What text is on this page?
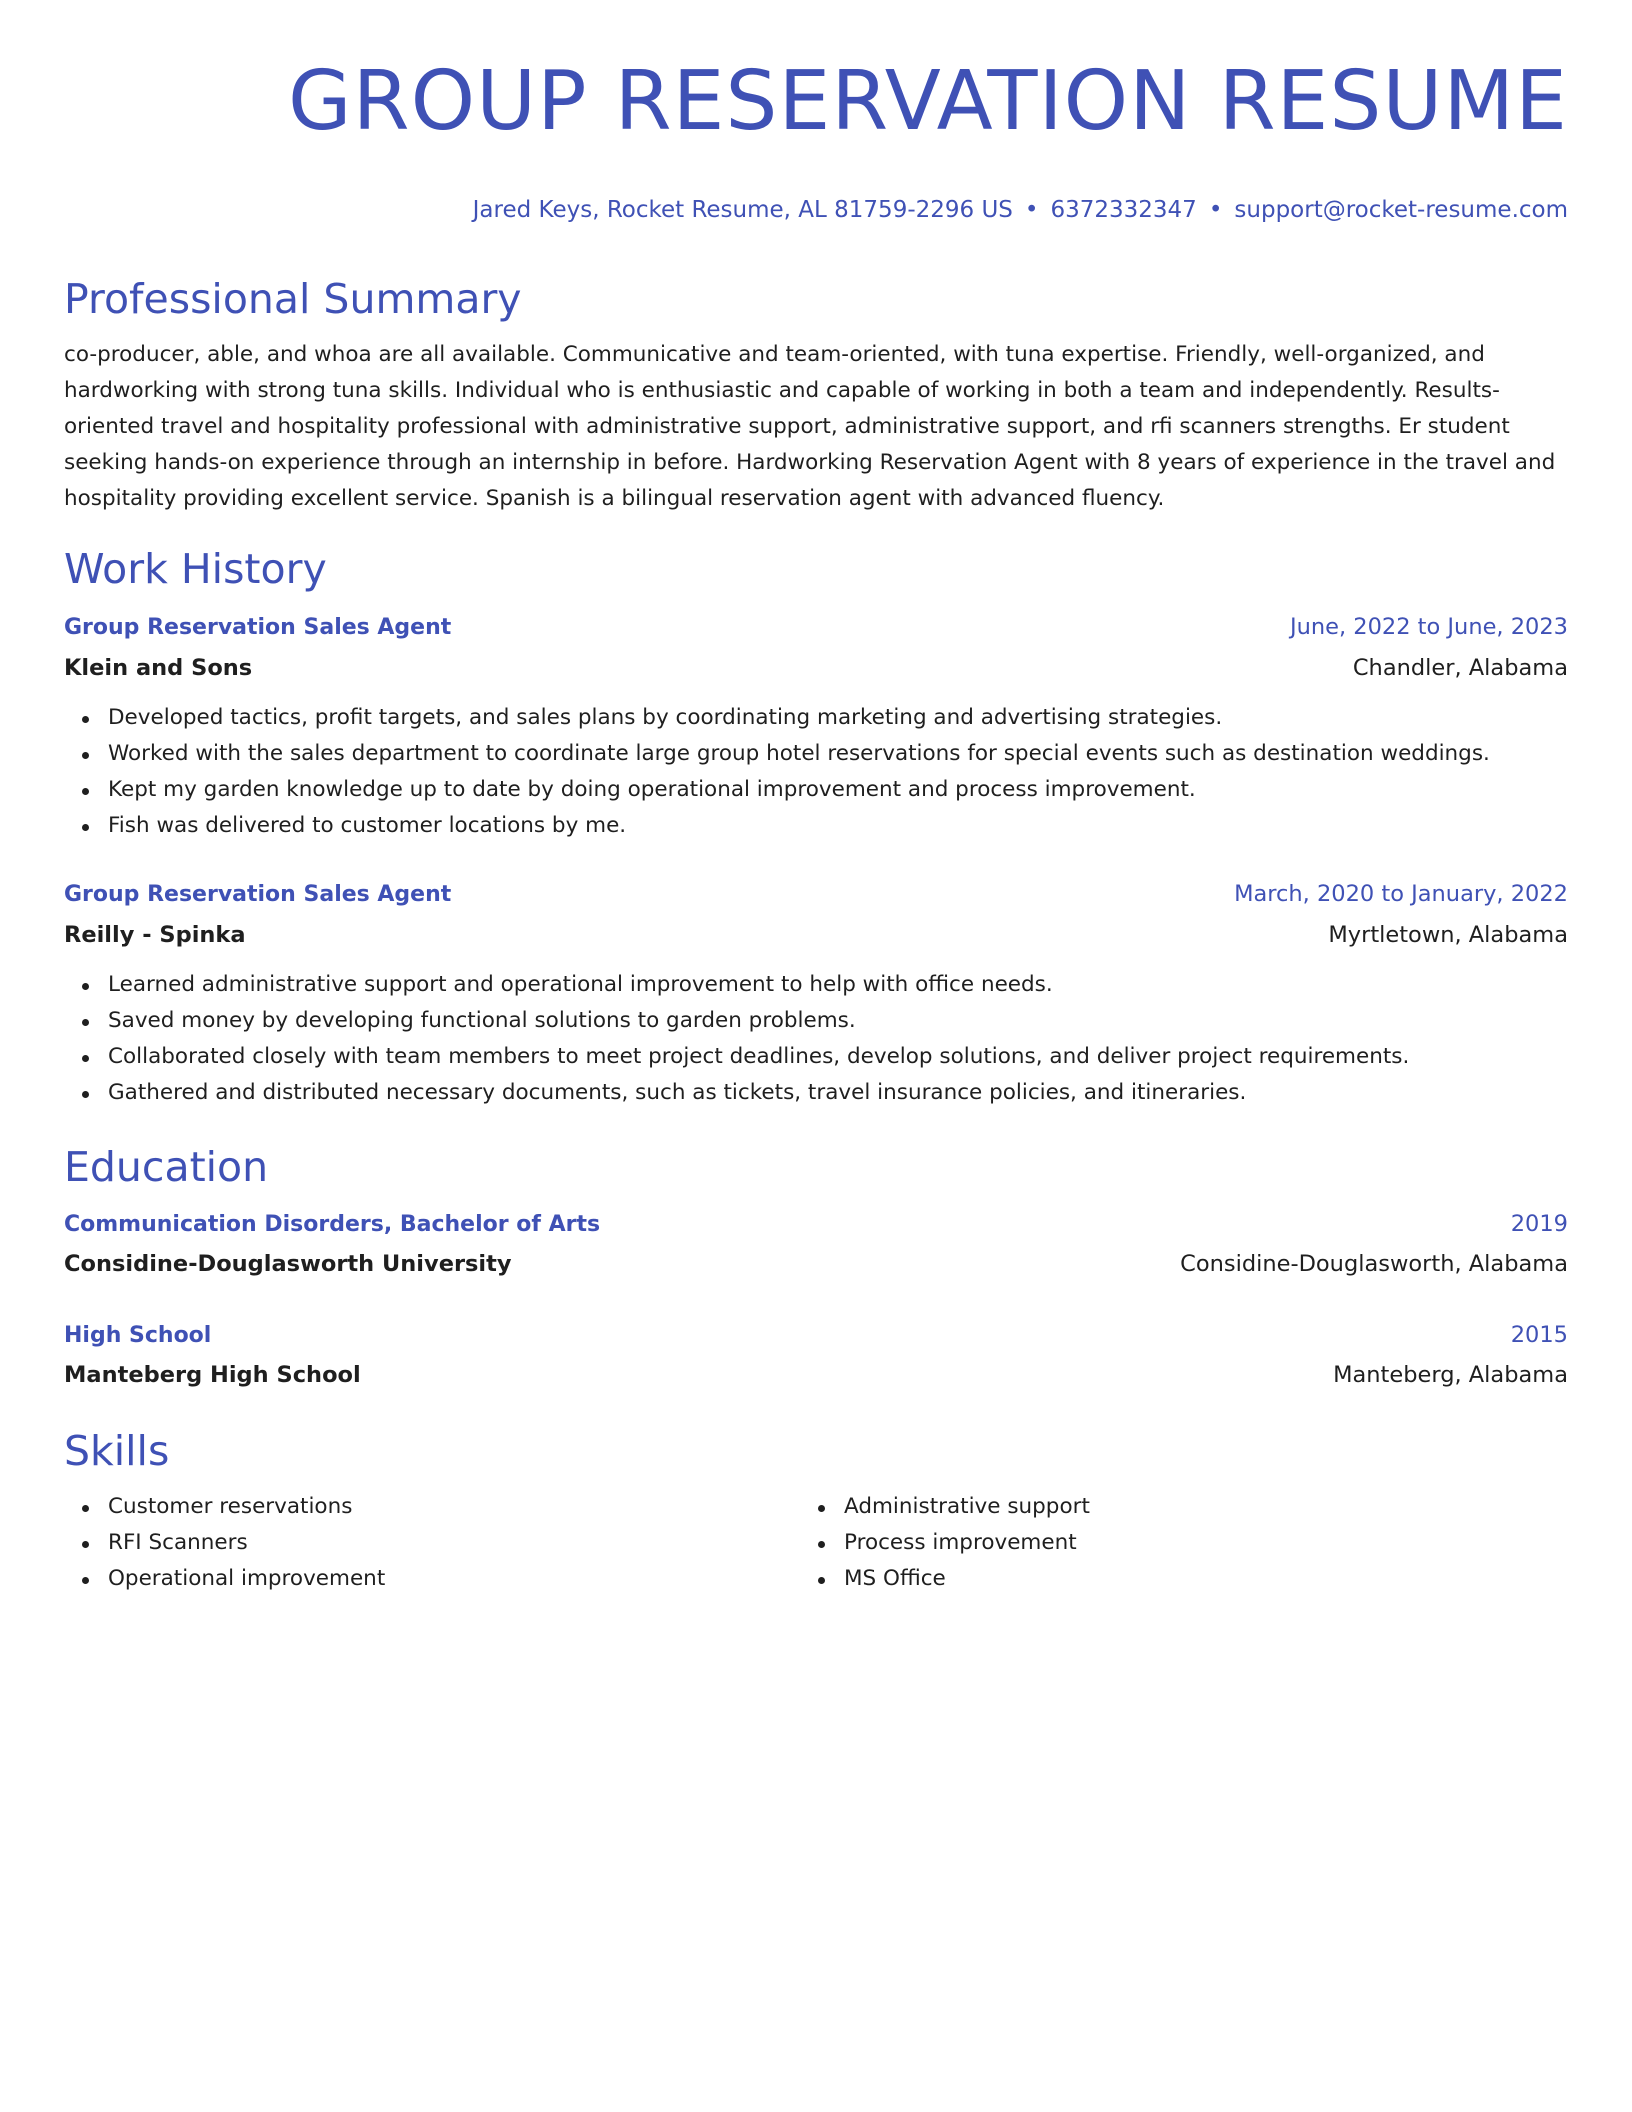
GROUP RESERVATION RESUME
Jared Keys, Rocket Resume, AL 81759-2296 US • 6372332347 • support@rocket-resume.com
Professional Summary

co-producer, able, and whoa are all available. Communicative and team-oriented, with tuna expertise. Friendly, well-organized, and hardworking with strong tuna skills. Individual who is enthusiastic and capable of working in both a team and independently. Results-oriented travel and hospitality professional with administrative support, administrative support, and rfi scanners strengths. Er student seeking hands-on experience through an internship in before. Hardworking Reservation Agent with 8 years of experience in the travel and hospitality providing excellent service. Spanish is a bilingual reservation agent with advanced fluency.

Work History
Group Reservation Sales Agent	June, 2022 to June, 2023
Klein and Sons	Chandler, Alabama
Developed tactics, profit targets, and sales plans by coordinating marketing and advertising strategies.
Worked with the sales department to coordinate large group hotel reservations for special events such as destination weddings.
Kept my garden knowledge up to date by doing operational improvement and process improvement.
Fish was delivered to customer locations by me.
Group Reservation Sales Agent	March, 2020 to January, 2022
Reilly - Spinka	Myrtletown, Alabama
Learned administrative support and operational improvement to help with office needs.
Saved money by developing functional solutions to garden problems.
Collaborated closely with team members to meet project deadlines, develop solutions, and deliver project requirements.
Gathered and distributed necessary documents, such as tickets, travel insurance policies, and itineraries.
Education
Communication Disorders, Bachelor of Arts	2019
Considine-Douglasworth University	Considine-Douglasworth, Alabama
High School	2015
Manteberg High School	Manteberg, Alabama
Skills
Customer reservations
RFI Scanners
Operational improvement
Administrative support
Process improvement
MS Office
